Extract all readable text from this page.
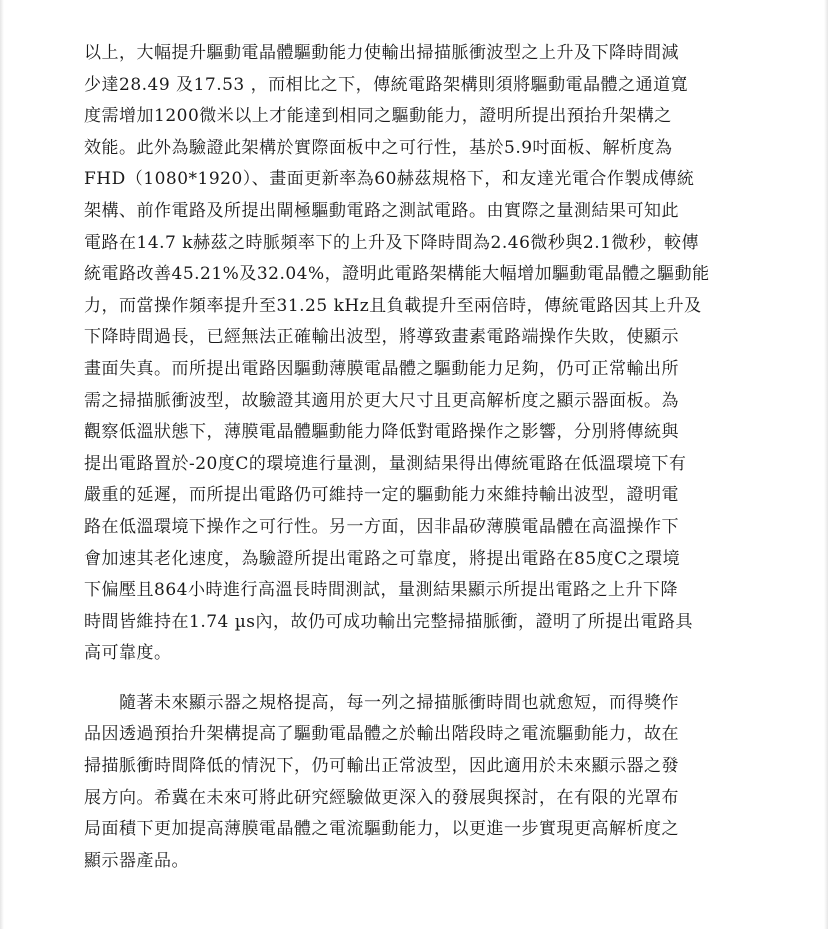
以上，大幅提升驅動電晶體驅動能力使輸出掃描脈衝波型之上升及下降時間減
少達28.49 及17.53 ，而相比之下，傳統電路架構則須將驅動電晶體之通道寬
度需增加1200微米以上才能達到相同之驅動能力，證明所提出預抬升架構之
效能。此外為驗證此架構於實際面板中之可行性，基於5.9吋面板、解析度為
FHD（1080*1920）、畫面更新率為60赫茲規格下，和友達光電合作製成傳統
架構、前作電路及所提出閘極驅動電路之測試電路。由實際之量測結果可知此
電路在14.7 k赫茲之時脈頻率下的上升及下降時間為2.46微秒與2.1微秒，較傳
統電路改善45.21%及32.04%，證明此電路架構能大幅增加驅動電晶體之驅動能
力，而當操作頻率提升至31.25 kHz且負載提升至兩倍時，傳統電路因其上升及
下降時間過長，已經無法正確輸出波型，將導致畫素電路端操作失敗，使顯示
畫面失真。而所提出電路因驅動薄膜電晶體之驅動能力足夠，仍可正常輸出所
需之掃描脈衝波型，故驗證其適用於更大尺寸且更高解析度之顯示器面板。為
觀察低溫狀態下，薄膜電晶體驅動能力降低對電路操作之影響，分別將傳統與
提出電路置於-20度C的環境進行量測，量測結果得出傳統電路在低溫環境下有
嚴重的延遲，而所提出電路仍可維持一定的驅動能力來維持輸出波型，證明電
路在低溫環境下操作之可行性。另一方面，因非晶矽薄膜電晶體在高溫操作下
會加速其老化速度，為驗證所提出電路之可靠度，將提出電路在85度C之環境
下偏壓且864小時進行高溫長時間測試，量測結果顯示所提出電路之上升下降
時間皆維持在1.74 µs內，故仍可成功輸出完整掃描脈衝，證明了所提出電路具
高可靠度。
　　隨著未來顯示器之規格提高，每一列之掃描脈衝時間也就愈短，而得獎作
品因透過預抬升架構提高了驅動電晶體之於輸出階段時之電流驅動能力，故在
掃描脈衝時間降低的情況下，仍可輸出正常波型，因此適用於未來顯示器之發
展方向。希冀在未來可將此研究經驗做更深入的發展與探討，在有限的光罩布
局面積下更加提高薄膜電晶體之電流驅動能力，以更進一步實現更高解析度之
顯示器產品。
